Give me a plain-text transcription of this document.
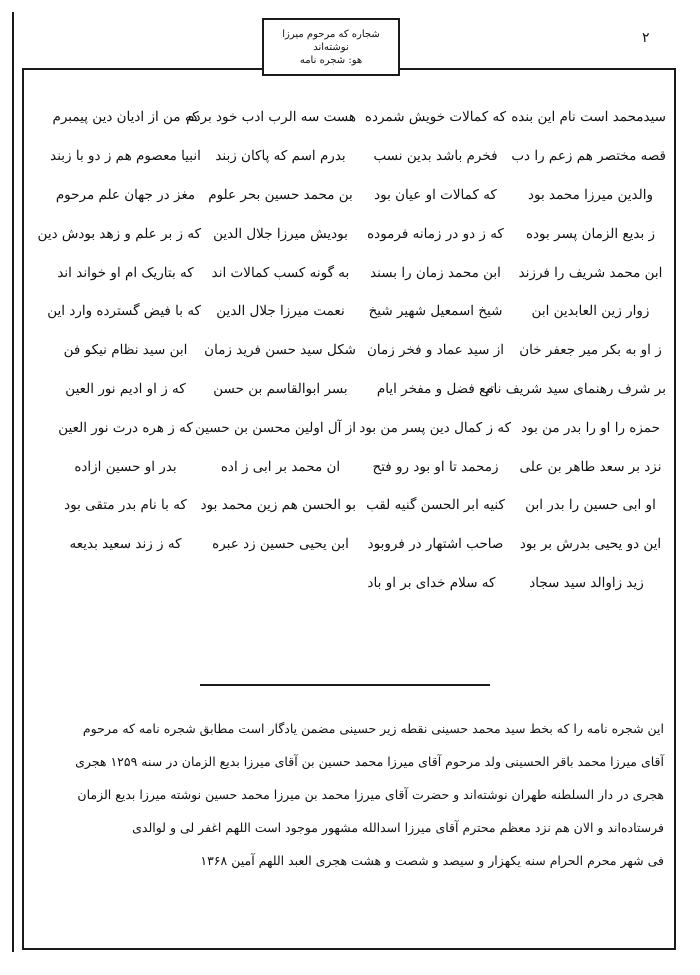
شجاره که مرحوم میرزا
نوشته‌اند
هو: شجره نامه
۲
سیدمحمد است نام این بنده
که کمالات خویش شمرده
هست سه الرب ادب خود بردم
که من از ادیان دین پیمبرم
قصه مختصر هم زعم را دب
فخرم باشد بدین نسب
بدرم اسم که پاکان زبند
انبیا معصوم هم ز دو با زبند
والدین میرزا محمد بود
که کمالات او عیان بود
بن محمد حسین بحر علوم
مغز در جهان علم مرحوم
ز بدیع الزمان پسر بوده
که ز دو در زمانه فرموده
بودیش میرزا جلال الدین
که ز بر علم و زهد بودش دین
ابن محمد شریف را فرزند
ابن محمد زمان را بسند
به گونه کسب کمالات اند
که بتاریک ام او خواند اند
زوار زین العابدین ابن
شیخ اسمعیل شهیر شیخ
نعمت میرزا جلال الدین
که با فیض گسترده وارد این
ز او به بکر میر جعفر خان
از سید عماد و فخر زمان
شکل سید حسن فرید زمان
ابن سید نظام نیکو فن
بر شرف رهنمای سید شریف نام
تبع فضل و مفخر ایام
بسر ابوالقاسم بن حسن
که ز او ادیم نور العین
حمزه را او را بدر من بود
که ز کمال دین پسر من بود
از آل اولین محسن بن حسین
که ز هره درت نور العین
نزد بر سعد طاهر بن علی
زمحمد تا او بود رو فتح
ان محمد بر ابی ز اده
بدر او حسین ازاده
او ابی حسین را بدر ابن
کنیه ابر الحسن گنیه لقب
بو الحسن هم زین محمد بود
که با نام بدر متقی بود
این دو یحیی بدرش بر بود
صاحب اشتهار در فروبود
ابن یحیی حسین زد عبره
که ز زند سعید بدیعه
زید زاوالد سید سجاد
که سلام خدای بر او باد
این شجره نامه را که بخط سید محمد حسینی نقطه زیر حسینی مضمن یادگار است مطابق شجره نامه که مرحوم
آقای میرزا محمد باقر الحسینی ولد مرحوم آقای میرزا محمد حسین بن آقای میرزا بدیع الزمان در سنه ۱۲۵۹ هجری
هجری در دار السلطنه طهران نوشته‌اند و حضرت آقای میرزا محمد بن میرزا محمد حسین نوشته میرزا بدیع الزمان
فرستاده‌اند و الان هم نزد معظم محترم آقای میرزا اسدالله مشهور موجود است اللهم اغفر لی و لوالدی
فی شهر محرم الحرام سنه یکهزار و سیصد و شصت و هشت هجری العبد اللهم آمین ۱۳۶۸
